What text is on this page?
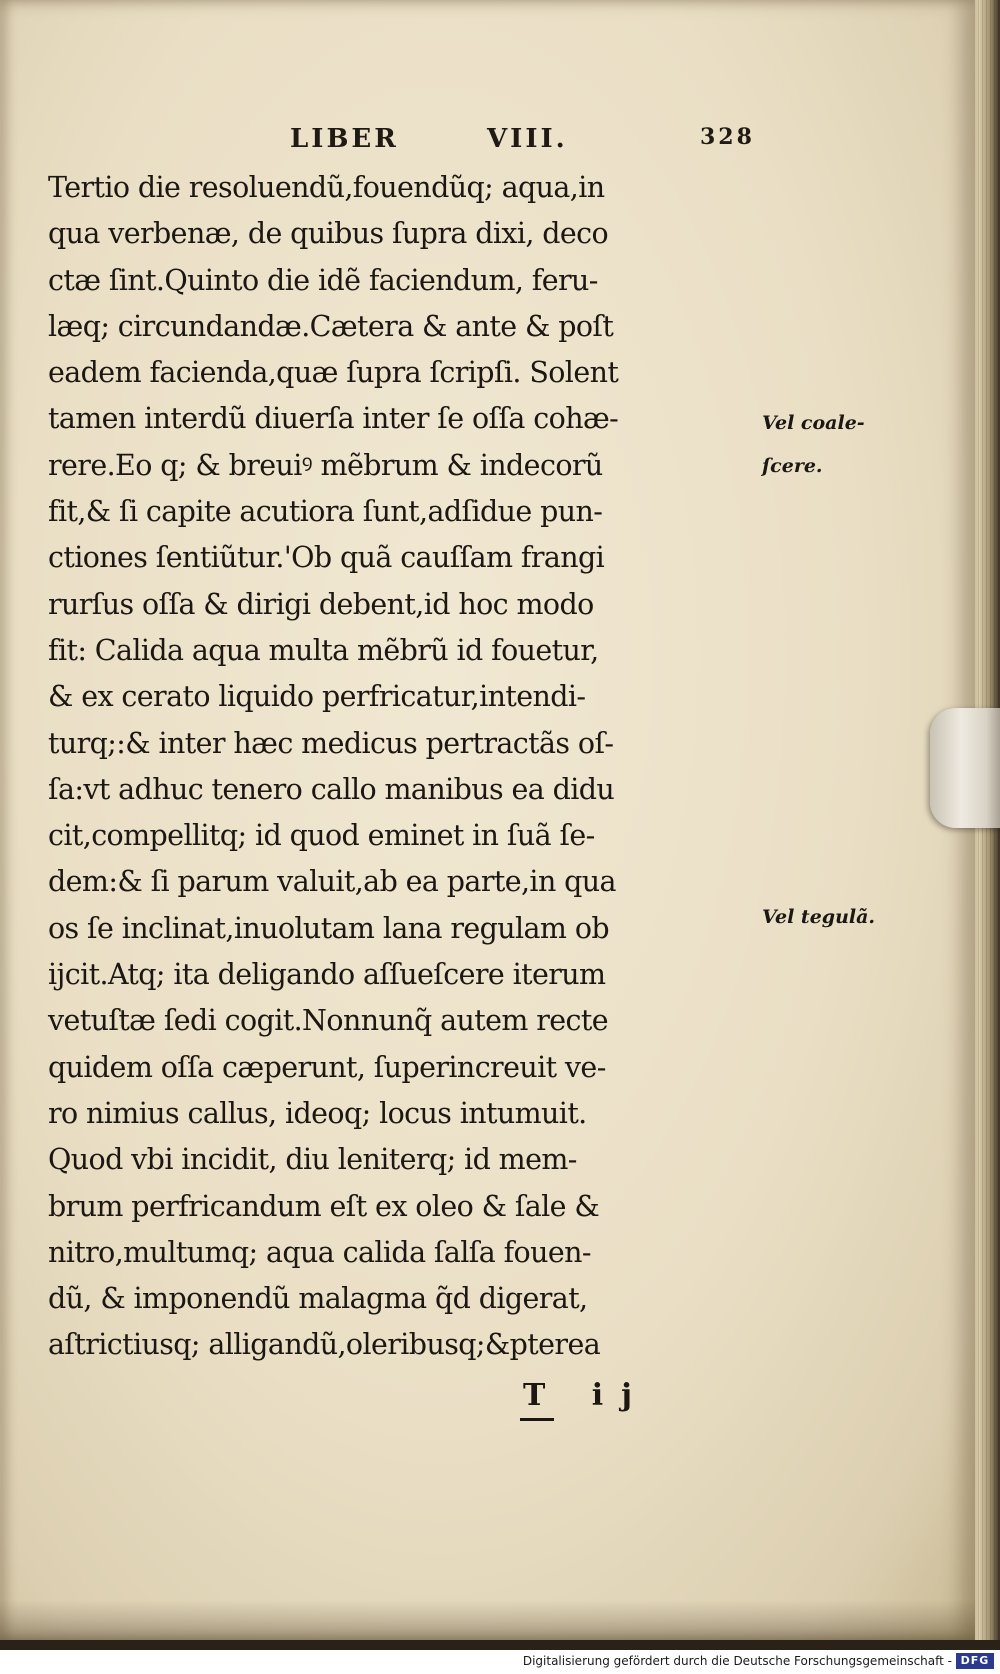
LIBER	VIII.	328
Tertio die resoluendũ,fouendũq; aqua,in
qua verbenæ, de quibus ſupra dixi, deco
ctæ ſint.Quinto die idẽ faciendum, feru-
læq; circundandæ.Cætera & ante & poſt
eadem facienda,quæ ſupra ſcripſi. Solent
tamen interdũ diuerſa inter ſe oſſa cohæ-
rere.Eo q; & breuiꝰ mẽbrum & indecorũ
fit,& ſi capite acutiora ſunt,adſidue pun-
ctiones ſentiũtur.'Ob quã cauſſam frangi
rurſus oſſa & dirigi debent,id hoc modo
fit: Calida aqua multa mẽbrũ id fouetur,
& ex cerato liquido perfricatur,intendi-
turq;:& inter hæc medicus pertractãs oſ-
ſa:vt adhuc tenero callo manibus ea didu
cit,compellitq; id quod eminet in ſuã ſe-
dem:& ſi parum valuit,ab ea parte,in qua
os ſe inclinat,inuolutam lana regulam ob
ijcit.Atq; ita deligando aſſueſcere iterum
vetuſtæ ſedi cogit.Nonnunq̃ autem recte
quidem oſſa cæperunt, ſuperincreuit ve-
ro nimius callus, ideoq; locus intumuit.
Quod vbi incidit, diu leniterq; id mem-
brum perfricandum eſt ex oleo & ſale &
nitro,multumq; aqua calida ſalſa fouen-
dũ, & imponendũ malagma q̃d digerat,
aſtrictiusq; alligandũ,oleribusq;&pterea
Vel coale-
ſcere.
Vel tegulã.
T ij
Digitalisierung gefördert durch die Deutsche Forschungsgemeinschaft - DFG
